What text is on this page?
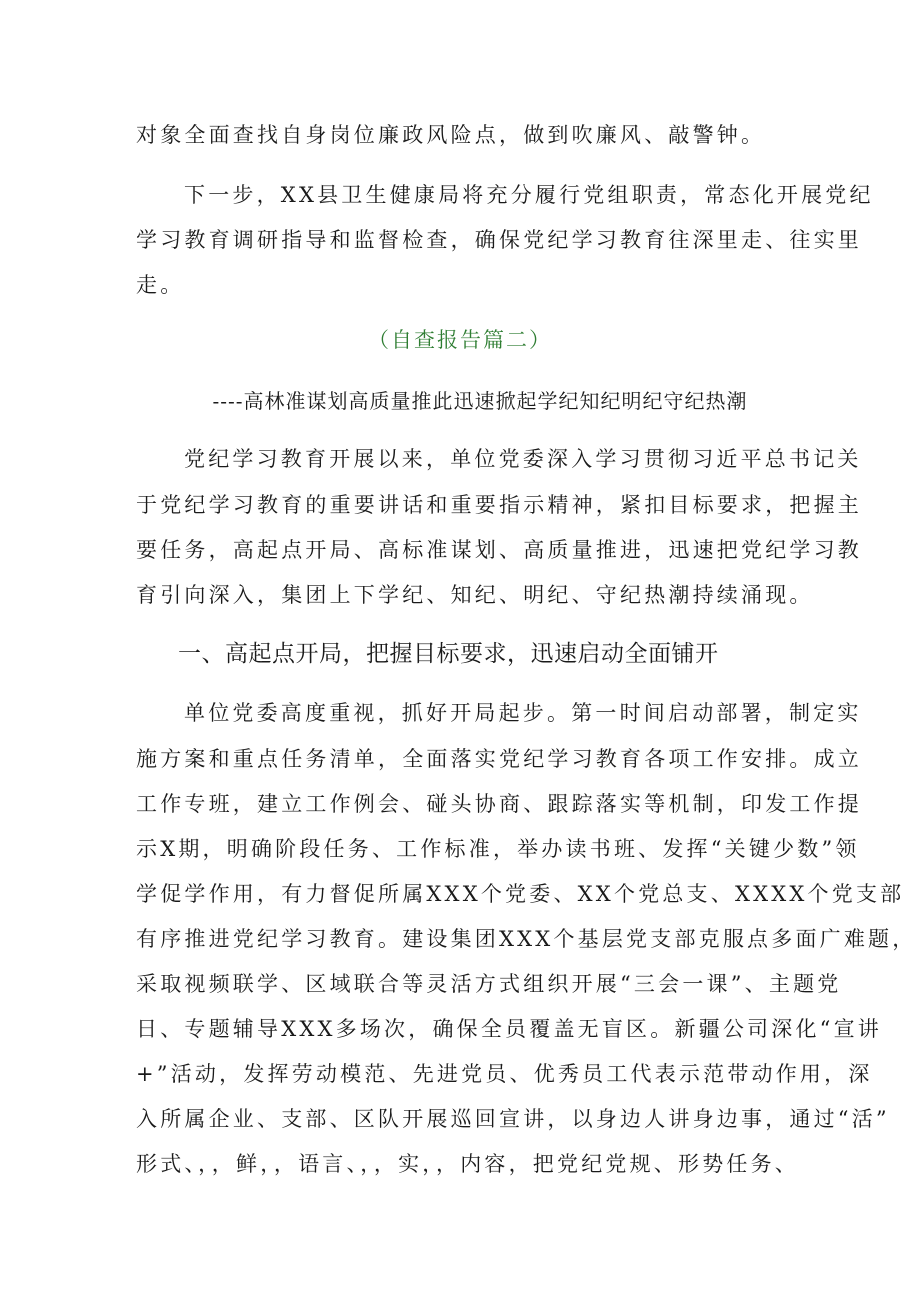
对象全面查找自身岗位廉政风险点，做到吹廉风、敲警钟。
下一步，XX县卫生健康局将充分履行党组职责，常态化开展党纪
学习教育调研指导和监督检查，确保党纪学习教育往深里走、往实里
走。
（自查报告篇二）
----高林准谋划高质量推此迅速掀起学纪知纪明纪守纪热潮
党纪学习教育开展以来，单位党委深入学习贯彻习近平总书记关
于党纪学习教育的重要讲话和重要指示精神，紧扣目标要求，把握主
要任务，高起点开局、高标准谋划、高质量推进，迅速把党纪学习教
育引向深入，集团上下学纪、知纪、明纪、守纪热潮持续涌现。
一、高起点开局，把握目标要求，迅速启动全面铺开
单位党委高度重视，抓好开局起步。第一时间启动部署，制定实
施方案和重点任务清单，全面落实党纪学习教育各项工作安排。成立
工作专班，建立工作例会、碰头协商、跟踪落实等机制，印发工作提
示X期，明确阶段任务、工作标准，举办读书班、发挥“关键少数”领
学促学作用，有力督促所属XXX个党委、XX个党总支、XXXX个党支部
有序推进党纪学习教育。建设集团XXX个基层党支部克服点多面广难题，
采取视频联学、区域联合等灵活方式组织开展“三会一课”、主题党
日、专题辅导XXX多场次，确保全员覆盖无盲区。新疆公司深化“宣讲
+”活动，发挥劳动模范、先进党员、优秀员工代表示范带动作用，深
入所属企业、支部、区队开展巡回宣讲，以身边人讲身边事，通过“活”
形式、，，鲜，，语言、，，实，，内容，把党纪党规、形势任务、
